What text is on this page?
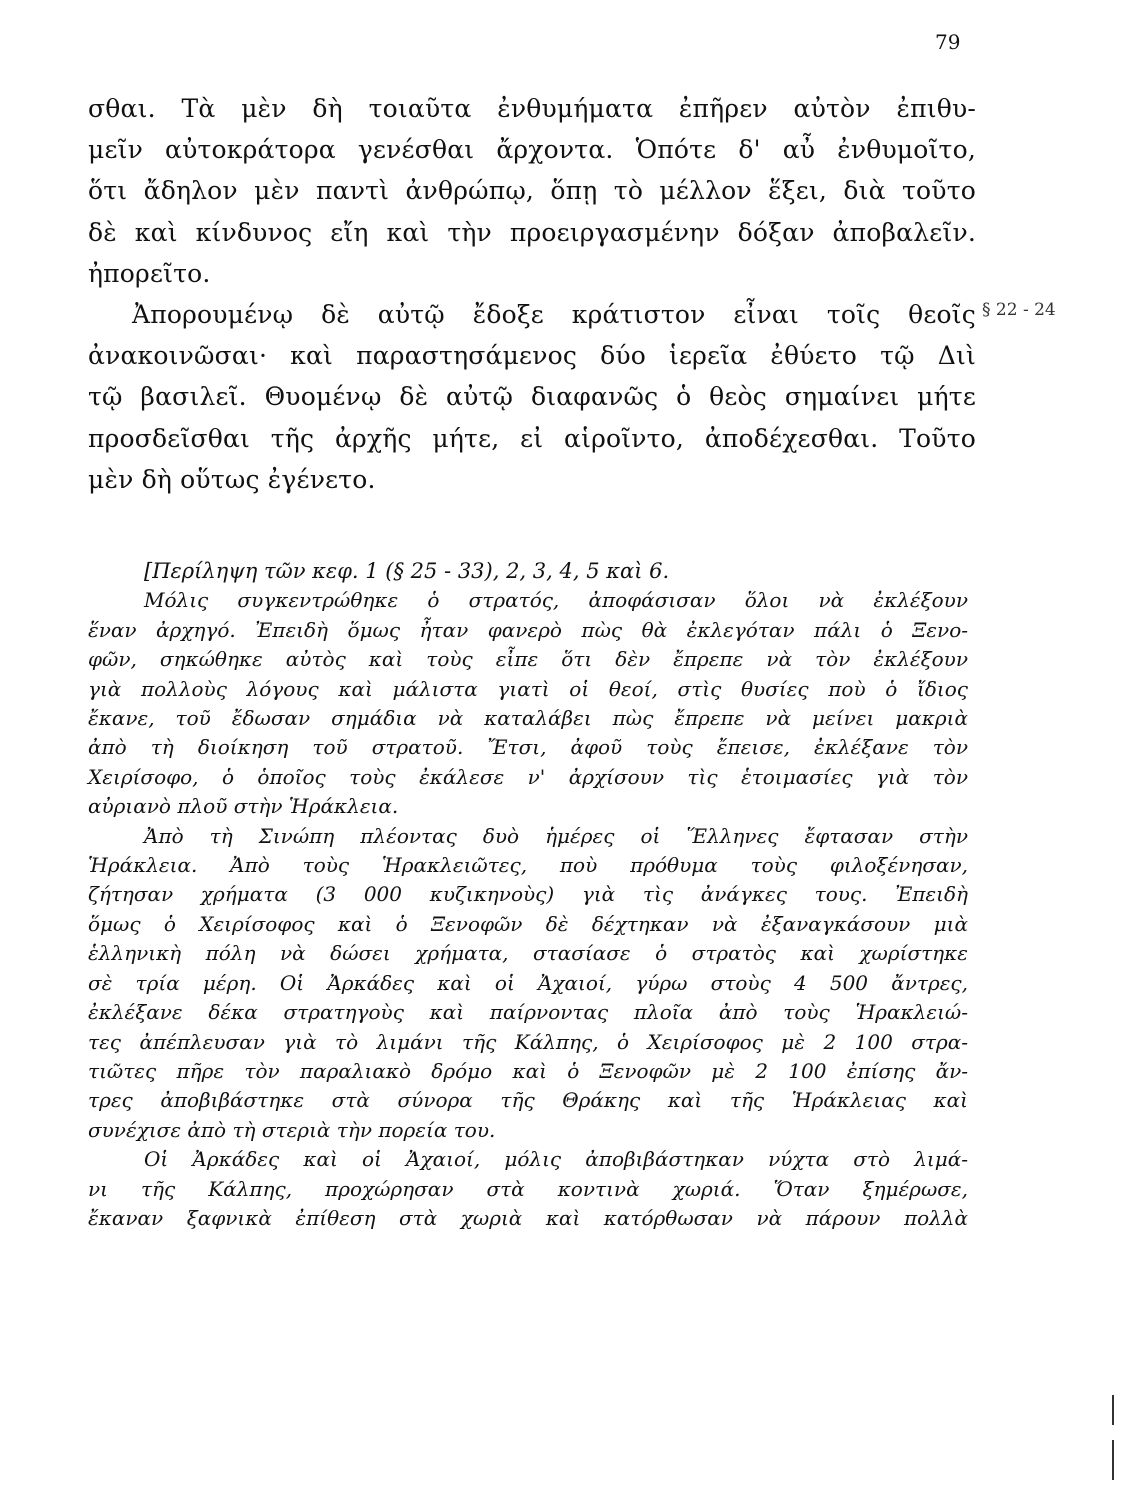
79

σθαι. Τὰ μὲν δὴ τοιαῦτα ἐνθυμήματα ἐπῆρεν αὐτὸν ἐπιθυ-
μεῖν αὐτοκράτορα γενέσθαι ἄρχοντα. Ὁπότε δ' αὖ ἐνθυμοῖτο,
ὅτι ἄδηλον μὲν παντὶ ἀνθρώπῳ, ὅπῃ τὸ μέλλον ἕξει, διὰ τοῦτο
δὲ καὶ κίνδυνος εἴη καὶ τὴν προειργασμένην δόξαν ἀποβαλεῖν.
ἠπορεῖτο.

Ἀπορουμένῳ δὲ αὐτῷ ἔδοξε κράτιστον εἶναι τοῖς θεοῖς
ἀνακοινῶσαι· καὶ παραστησάμενος δύο ἱερεῖα ἐθύετο τῷ Διὶ
τῷ βασιλεῖ. Θυομένῳ δὲ αὐτῷ διαφανῶς ὁ θεὸς σημαίνει μήτε
προσδεῖσθαι τῆς ἀρχῆς μήτε, εἰ αἱροῖντο, ἀποδέχεσθαι. Τοῦτο
μὲν δὴ οὕτως ἐγένετο.

§ 22 - 24
[Περίληψη τῶν κεφ. 1 (§ 25 - 33), 2, 3, 4, 5 καὶ 6.
Μόλις συγκεντρώθηκε ὁ στρατός, ἀποφάσισαν ὅλοι νὰ ἐκλέξουν
ἕναν ἀρχηγό. Ἐπειδὴ ὅμως ἦταν φανερὸ πὼς θὰ ἐκλεγόταν πάλι ὁ Ξενο-
φῶν, σηκώθηκε αὐτὸς καὶ τοὺς εἶπε ὅτι δὲν ἔπρεπε νὰ τὸν ἐκλέξουν
γιὰ πολλοὺς λόγους καὶ μάλιστα γιατὶ οἱ θεοί, στὶς θυσίες ποὺ ὁ ἴδιος
ἔκανε, τοῦ ἔδωσαν σημάδια νὰ καταλάβει πὼς ἔπρεπε νὰ μείνει μακριὰ
ἀπὸ τὴ διοίκηση τοῦ στρατοῦ. Ἔτσι, ἀφοῦ τοὺς ἔπεισε, ἐκλέξανε τὸν
Χειρίσοφο, ὁ ὁποῖος τοὺς ἐκάλεσε ν' ἀρχίσουν τὶς ἑτοιμασίες γιὰ τὸν
αὐριανὸ πλοῦ στὴν Ἡράκλεια.
Ἀπὸ τὴ Σινώπη πλέοντας δυὸ ἡμέρες οἱ Ἕλληνες ἔφτασαν στὴν
Ἡράκλεια. Ἀπὸ τοὺς Ἡρακλειῶτες, ποὺ πρόθυμα τοὺς φιλοξένησαν,
ζήτησαν χρήματα (3 000 κυζικηνοὺς) γιὰ τὶς ἀνάγκες τους. Ἐπειδὴ
ὅμως ὁ Χειρίσοφος καὶ ὁ Ξενοφῶν δὲ δέχτηκαν νὰ ἐξαναγκάσουν μιὰ
ἑλληνικὴ πόλη νὰ δώσει χρήματα, στασίασε ὁ στρατὸς καὶ χωρίστηκε
σὲ τρία μέρη. Οἱ Ἀρκάδες καὶ οἱ Ἀχαιοί, γύρω στοὺς 4 500 ἄντρες,
ἐκλέξανε δέκα στρατηγοὺς καὶ παίρνοντας πλοῖα ἀπὸ τοὺς Ἡρακλειώ-
τες ἀπέπλευσαν γιὰ τὸ λιμάνι τῆς Κάλπης, ὁ Χειρίσοφος μὲ 2 100 στρα-
τιῶτες πῆρε τὸν παραλιακὸ δρόμο καὶ ὁ Ξενοφῶν μὲ 2 100 ἐπίσης ἄν-
τρες ἀποβιβάστηκε στὰ σύνορα τῆς Θράκης καὶ τῆς Ἡράκλειας καὶ
συνέχισε ἀπὸ τὴ στεριὰ τὴν πορεία του.
Οἱ Ἀρκάδες καὶ οἱ Ἀχαιοί, μόλις ἀποβιβάστηκαν νύχτα στὸ λιμά-
νι τῆς Κάλπης, προχώρησαν στὰ κοντινὰ χωριά. Ὅταν ξημέρωσε,
ἔκαναν ξαφνικὰ ἐπίθεση στὰ χωριὰ καὶ κατόρθωσαν νὰ πάρουν πολλὰ
